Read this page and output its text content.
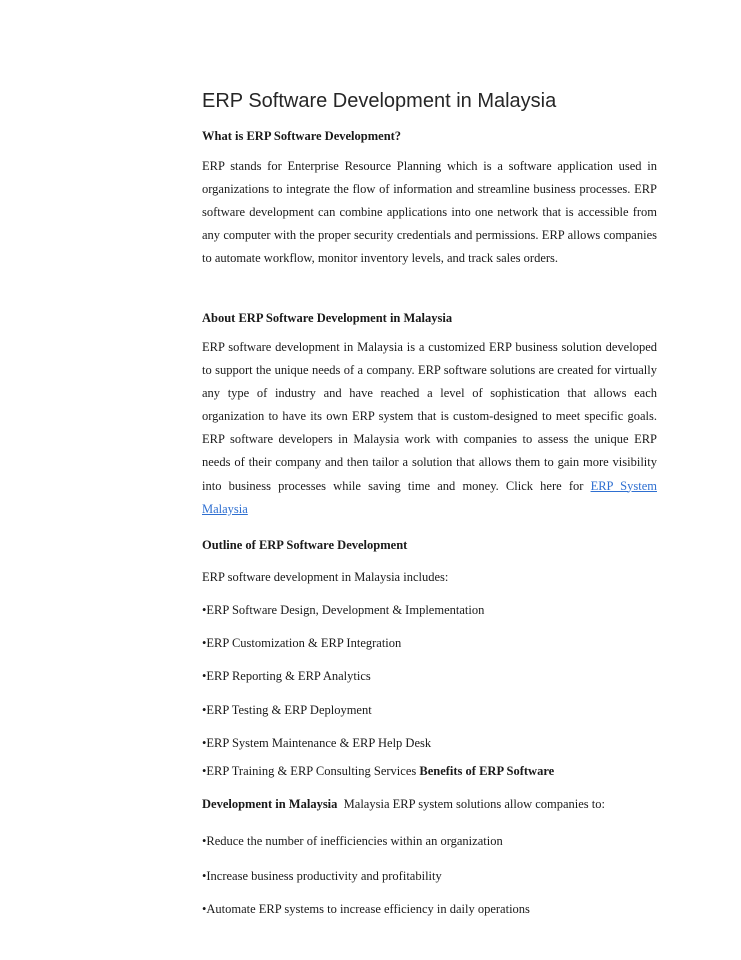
ERP Software Development in Malaysia

What is ERP Software Development?

ERP stands for Enterprise Resource Planning which is a software application used in organizations to integrate the flow of information and streamline business processes. ERP software development can combine applications into one network that is accessible from any computer with the proper security credentials and permissions. ERP allows companies to automate workflow, monitor inventory levels, and track sales orders.

About ERP Software Development in Malaysia

ERP software development in Malaysia is a customized ERP business solution developed to support the unique needs of a company. ERP software solutions are created for virtually any type of industry and have reached a level of sophistication that allows each organization to have its own ERP system that is custom-designed to meet specific goals. ERP software developers in Malaysia work with companies to assess the unique ERP needs of their company and then tailor a solution that allows them to gain more visibility into business processes while saving time and money. Click here for ERP System Malaysia

Outline of ERP Software Development

ERP software development in Malaysia includes:

•ERP Software Design, Development & Implementation

•ERP Customization & ERP Integration

•ERP Reporting & ERP Analytics

•ERP Testing & ERP Deployment

•ERP System Maintenance & ERP Help Desk

•ERP Training & ERP Consulting Services Benefits of ERP Software

Development in Malaysia Malaysia ERP system solutions allow companies to:

•Reduce the number of inefficiencies within an organization

•Increase business productivity and profitability

•Automate ERP systems to increase efficiency in daily operations
